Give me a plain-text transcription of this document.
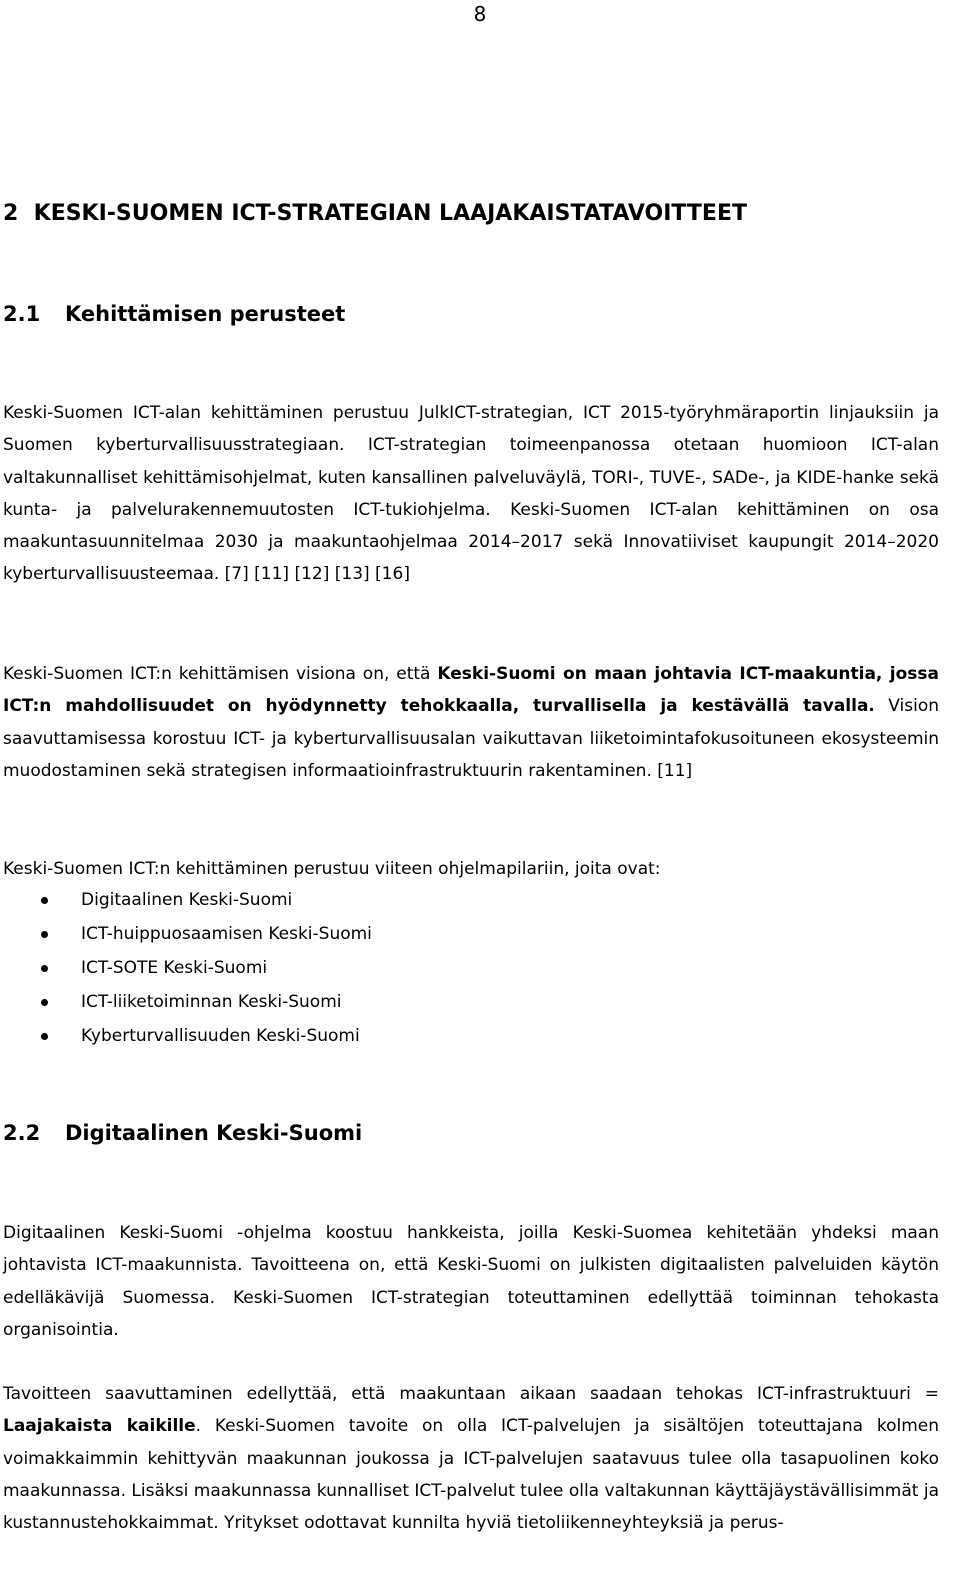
8
2 KESKI-SUOMEN ICT-STRATEGIAN LAAJAKAISTATAVOITTEET
2.1 Kehittämisen perusteet

Keski-Suomen ICT-alan kehittäminen perustuu JulkICT-strategian, ICT 2015-työryhmäraportin linjauksiin ja Suomen kyberturvallisuusstrategiaan. ICT-strategian toimeenpanossa otetaan huomioon ICT-alan valtakunnalliset kehittämisohjelmat, kuten kansallinen palveluväylä, TORI-, TUVE-, SADe-, ja KIDE-hanke sekä kunta- ja palvelurakennemuutosten ICT-tukiohjelma. Keski-Suomen ICT-alan kehittäminen on osa maakuntasuunnitelmaa 2030 ja maakuntaohjelmaa 2014–2017 sekä Innovatiiviset kaupungit 2014–2020 kyberturvallisuusteemaa. [7] [11] [12] [13] [16]

Keski-Suomen ICT:n kehittämisen visiona on, että Keski-Suomi on maan johtavia ICT-maakuntia, jossa ICT:n mahdollisuudet on hyödynnetty tehokkaalla, turvallisella ja kestävällä tavalla. Vision saavuttamisessa korostuu ICT- ja kyberturvallisuusalan vaikuttavan liiketoimintafokusoituneen ekosysteemin muodostaminen sekä strategisen informaatioinfrastruktuurin rakentaminen. [11]

Keski-Suomen ICT:n kehittäminen perustuu viiteen ohjelmapilariin, joita ovat:

Digitaalinen Keski-Suomi
ICT-huippuosaamisen Keski-Suomi
ICT-SOTE Keski-Suomi
ICT-liiketoiminnan Keski-Suomi
Kyberturvallisuuden Keski-Suomi
2.2 Digitaalinen Keski-Suomi

Digitaalinen Keski-Suomi -ohjelma koostuu hankkeista, joilla Keski-Suomea kehitetään yhdeksi maan johtavista ICT-maakunnista. Tavoitteena on, että Keski-Suomi on julkisten digitaalisten palveluiden käytön edelläkävijä Suomessa. Keski-Suomen ICT-strategian toteuttaminen edellyttää toiminnan tehokasta organisointia.

Tavoitteen saavuttaminen edellyttää, että maakuntaan aikaan saadaan tehokas ICT-infrastruktuuri = Laajakaista kaikille. Keski-Suomen tavoite on olla ICT-palvelujen ja sisältöjen toteuttajana kolmen voimakkaimmin kehittyvän maakunnan joukossa ja ICT-palvelujen saatavuus tulee olla tasapuolinen koko maakunnassa. Lisäksi maakunnassa kunnalliset ICT-palvelut tulee olla valtakunnan käyttäjäystävällisimmät ja kustannustehokkaimmat. Yritykset odottavat kunnilta hyviä tietoliikenneyhteyksiä ja perus-
